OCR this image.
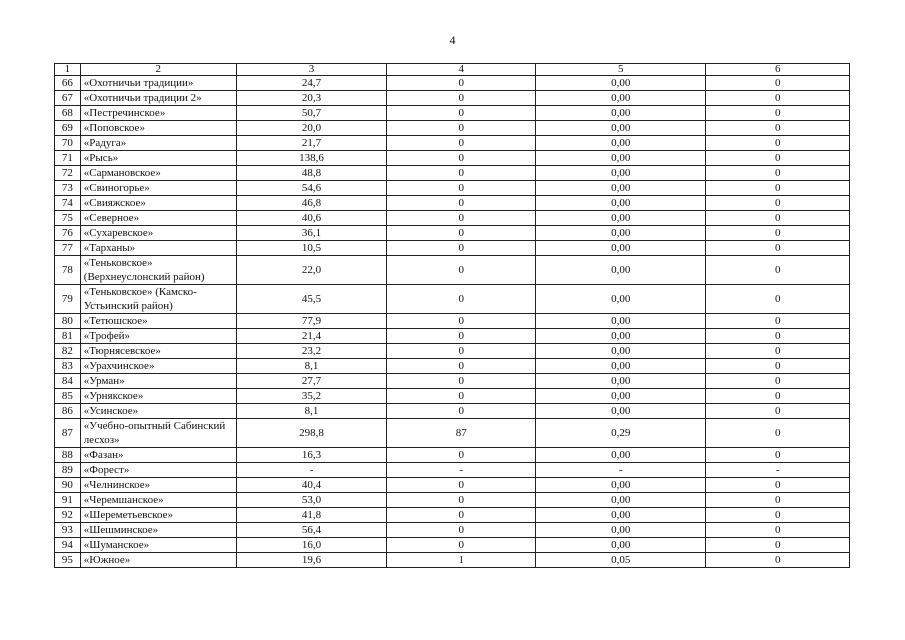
4
1	2	3	4	5	6
66	«Охотничьи традиции»	24,7	0	0,00	0
67	«Охотничьи традиции 2»	20,3	0	0,00	0
68	«Пестречинское»	50,7	0	0,00	0
69	«Поповское»	20,0	0	0,00	0
70	«Радуга»	21,7	0	0,00	0
71	«Рысь»	138,6	0	0,00	0
72	«Сармановское»	48,8	0	0,00	0
73	«Свиногорье»	54,6	0	0,00	0
74	«Свияжское»	46,8	0	0,00	0
75	«Северное»	40,6	0	0,00	0
76	«Сухаревское»	36,1	0	0,00	0
77	«Тарханы»	10,5	0	0,00	0
78	«Теньковское» (Верхнеуслонский район)	22,0	0	0,00	0
79	«Теньковское» (Камско-Устьинский район)	45,5	0	0,00	0
80	«Тетюшское»	77,9	0	0,00	0
81	«Трофей»	21,4	0	0,00	0
82	«Тюрнясевское»	23,2	0	0,00	0
83	«Урахчинское»	8,1	0	0,00	0
84	«Урман»	27,7	0	0,00	0
85	«Урнякское»	35,2	0	0,00	0
86	«Усинское»	8,1	0	0,00	0
87	«Учебно-опытный Сабинский лесхоз»	298,8	87	0,29	0
88	«Фазан»	16,3	0	0,00	0
89	«Форест»	-	-	-	-
90	«Челнинское»	40,4	0	0,00	0
91	«Черемшанское»	53,0	0	0,00	0
92	«Шереметьевское»	41,8	0	0,00	0
93	«Шешминское»	56,4	0	0,00	0
94	«Шуманское»	16,0	0	0,00	0
95	«Южное»	19,6	1	0,05	0
